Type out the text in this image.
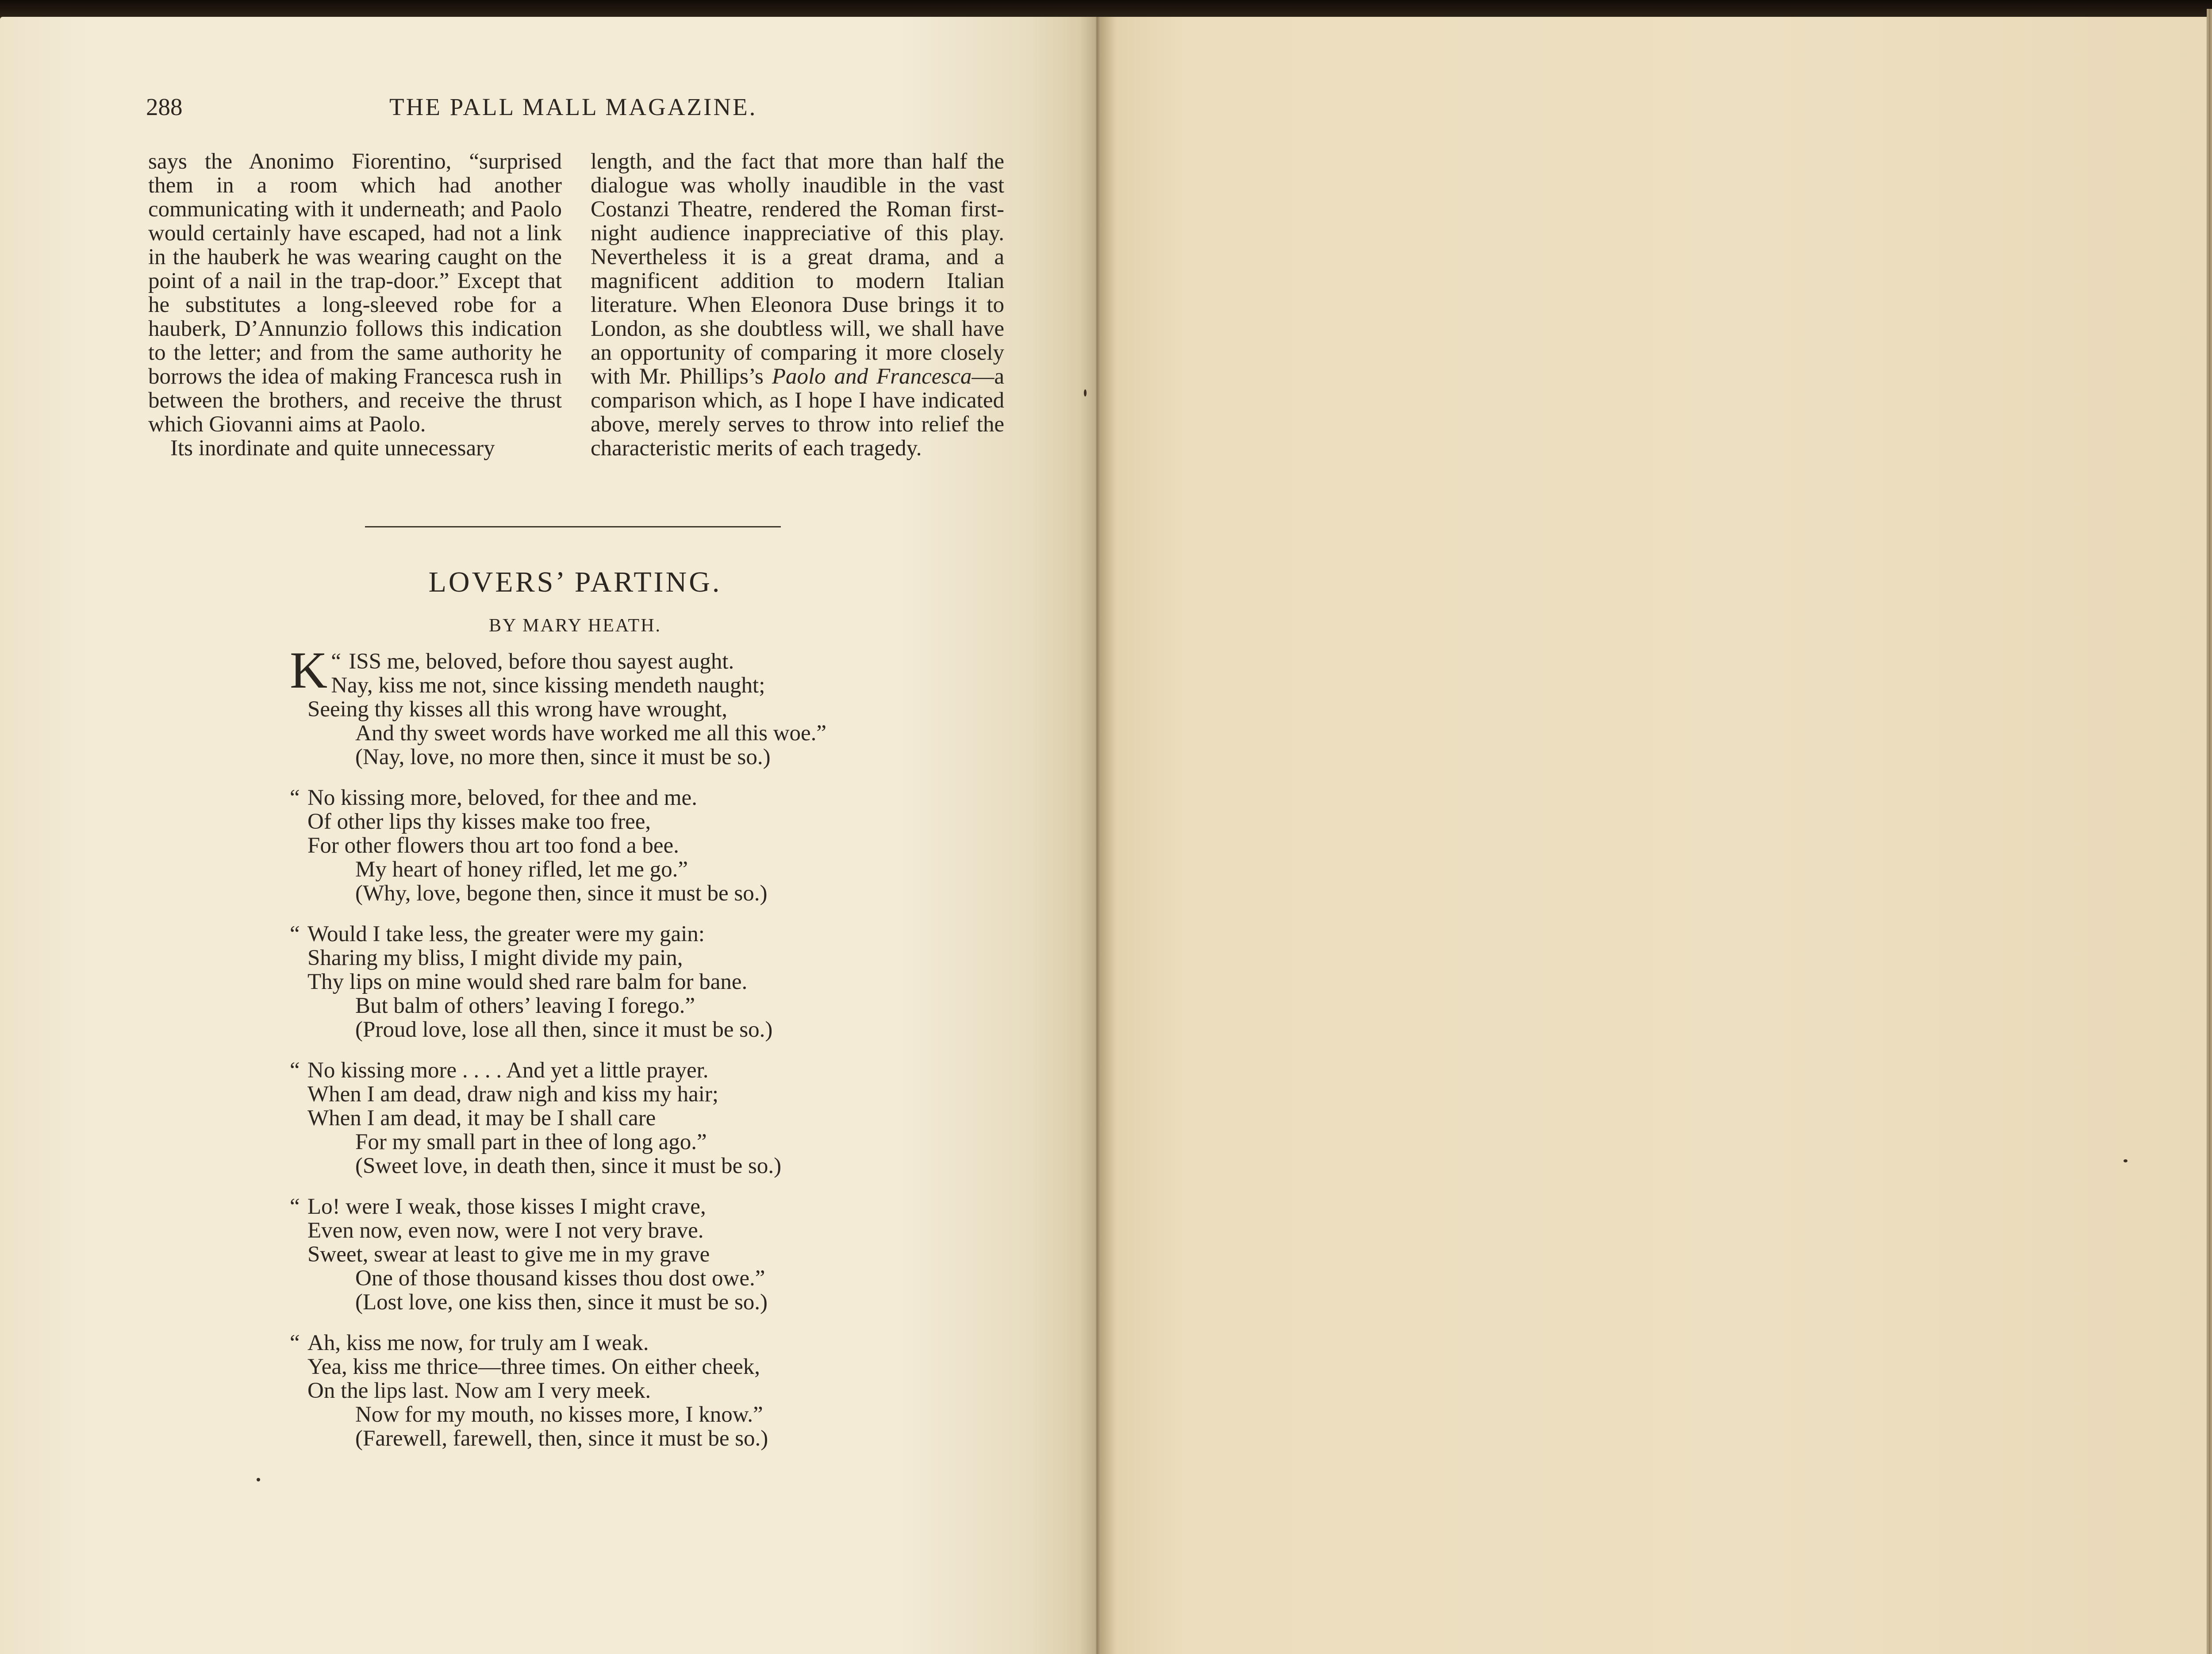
288	THE PALL MALL MAGAZINE.

says the Anonimo Fiorentino, “surprised them in a room which had another communicating with it underneath; and Paolo would certainly have escaped, had not a link in the hauberk he was wearing caught on the point of a nail in the trap-door.” Except that he substitutes a long-sleeved robe for a hauberk, D’Annunzio follows this indication to the letter; and from the same authority he borrows the idea of making Francesca rush in between the brothers, and receive the thrust which Giovanni aims at Paolo.

Its inordinate and quite unnecessary

length, and the fact that more than half the dialogue was wholly inaudible in the vast Costanzi Theatre, rendered the Roman first-night audience inappreciative of this play. Nevertheless it is a great drama, and a magnificent addition to modern Italian literature. When Eleonora Duse brings it to London, as she doubtless will, we shall have an opportunity of comparing it more closely with Mr. Phillips’s Paolo and Francesca—a comparison which, as I hope I have indicated above, merely serves to throw into relief the characteristic merits of each tragedy.

LOVERS’ PARTING.
BY MARY HEATH.
“
K ISS me, beloved, before thou sayest aught.
Nay, kiss me not, since kissing mendeth naught;
Seeing thy kisses all this wrong have wrought,
And thy sweet words have worked me all this woe.”
(Nay, love, no more then, since it must be so.)
“ No kissing more, beloved, for thee and me.
Of other lips thy kisses make too free,
For other flowers thou art too fond a bee.
My heart of honey rifled, let me go.”
(Why, love, begone then, since it must be so.)
“ Would I take less, the greater were my gain:
Sharing my bliss, I might divide my pain,
Thy lips on mine would shed rare balm for bane.
But balm of others’ leaving I forego.”
(Proud love, lose all then, since it must be so.)
“ No kissing more . . . . And yet a little prayer.
When I am dead, draw nigh and kiss my hair;
When I am dead, it may be I shall care
For my small part in thee of long ago.”
(Sweet love, in death then, since it must be so.)
“ Lo! were I weak, those kisses I might crave,
Even now, even now, were I not very brave.
Sweet, swear at least to give me in my grave
One of those thousand kisses thou dost owe.”
(Lost love, one kiss then, since it must be so.)
“ Ah, kiss me now, for truly am I weak.
Yea, kiss me thrice—three times. On either cheek,
On the lips last. Now am I very meek.
Now for my mouth, no kisses more, I know.”
(Farewell, farewell, then, since it must be so.)
